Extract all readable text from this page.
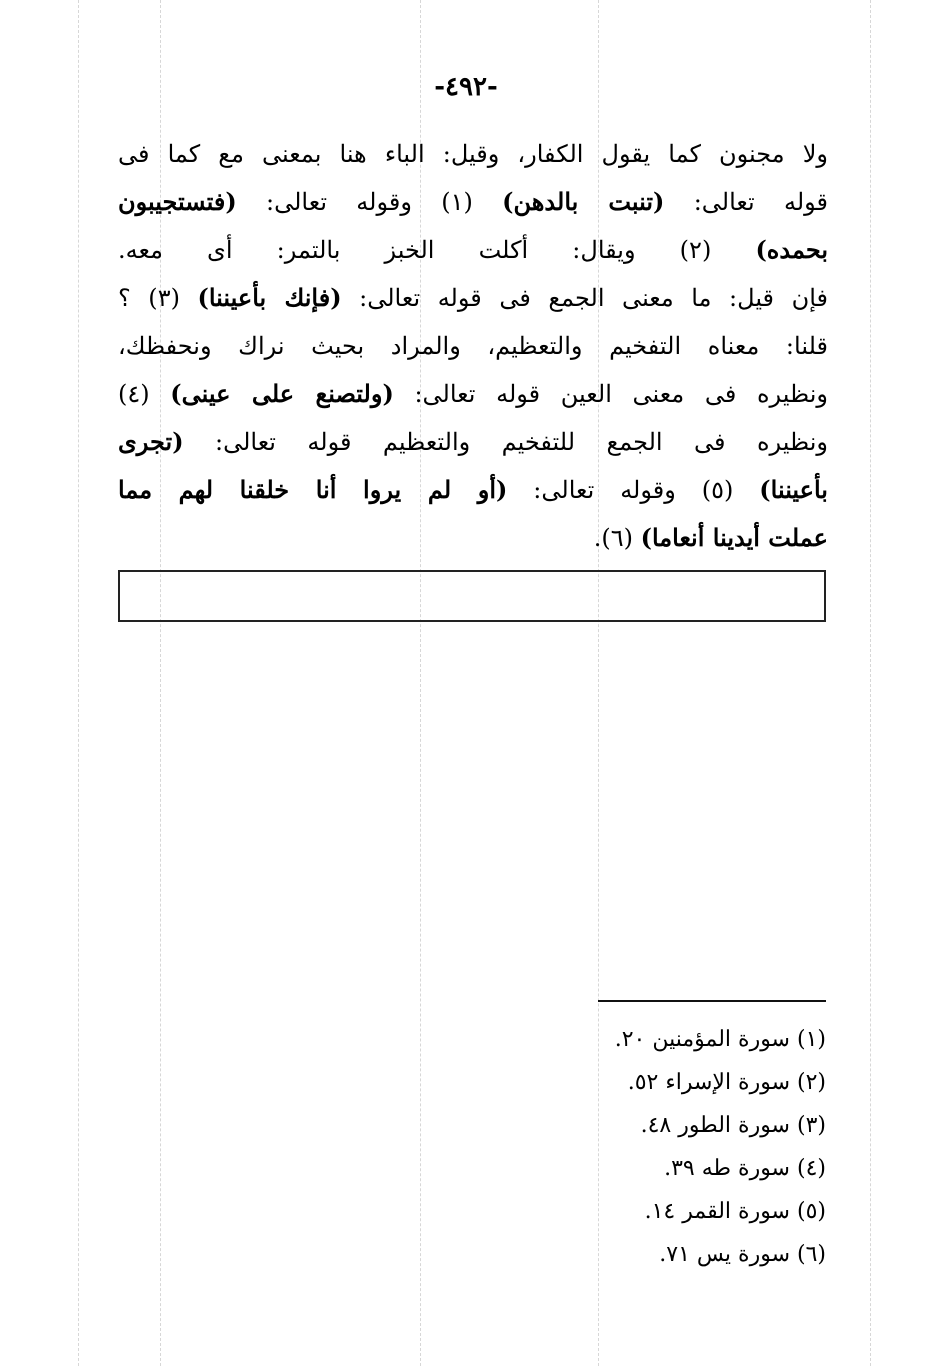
-٤٩٢-
ولا مجنون كما يقول الكفار، وقيل: الباء هنا بمعنى مع كما فى
قوله تعالى: (تنبت بالدهن) (١) وقوله تعالى: (فتستجيبون
بحمده) (٢) ويقال: أكلت الخبز بالتمر: أى معه.
فإن قيل: ما معنى الجمع فى قوله تعالى: (فإنك بأعيننا) (٣) ؟
قلنا: معناه التفخيم والتعظيم، والمراد بحيث نراك ونحفظك،
ونظيره فى معنى العين قوله تعالى: (ولتصنع على عينى) (٤)
ونظيره فى الجمع للتفخيم والتعظيم قوله تعالى: (تجرى
بأعيننا) (٥) وقوله تعالى: (أو لم يروا أنا خلقنا لهم مما
عملت أيدينا أنعاما) (٦).
(١) سورة المؤمنين ٢٠.
(٢) سورة الإسراء ٥٢.
(٣) سورة الطور ٤٨.
(٤) سورة طه ٣٩.
(٥) سورة القمر ١٤.
(٦) سورة يس ٧١.
